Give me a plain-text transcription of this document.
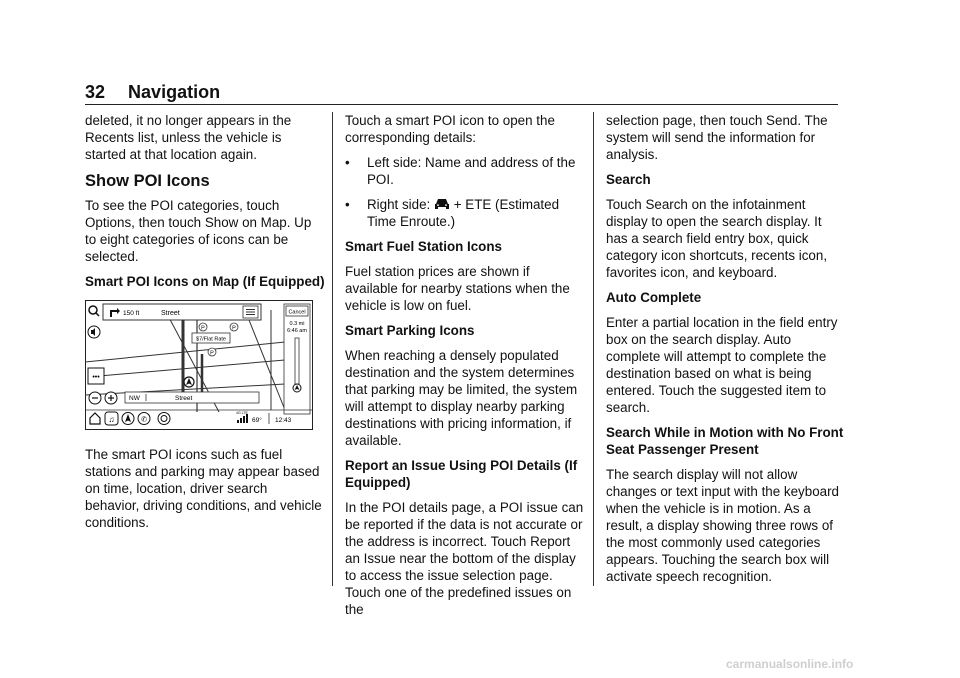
32 Navigation

deleted, it no longer appears in the Recents list, unless the vehicle is started at that location again.

Show POI Icons

To see the POI categories, touch Options, then touch Show on Map. Up to eight categories of icons can be selected.

Smart POI Icons on Map (If Equipped)

150 ft	Street	Cancel
0.3 mi
6:46 am
P	P
$7/Flat Rate
P
•••
NW	Street
♫	✆
4G LTE
69° 12:43

The smart POI icons such as fuel stations and parking may appear based on time, location, driver search behavior, driving conditions, and vehicle conditions.

Touch a smart POI icon to open the corresponding details:

•	Left side: Name and address of the POI.
•	Right side:  + ETE (Estimated Time Enroute.)

Smart Fuel Station Icons

Fuel station prices are shown if available for nearby stations when the vehicle is low on fuel.

Smart Parking Icons

When reaching a densely populated destination and the system determines that parking may be limited, the system will attempt to display nearby parking destinations with pricing information, if available.

Report an Issue Using POI Details (If Equipped)

In the POI details page, a POI issue can be reported if the data is not accurate or the address is incorrect. Touch Report an Issue near the bottom of the display to access the issue selection page. Touch one of the predefined issues on the

selection page, then touch Send. The system will send the information for analysis.

Search

Touch Search on the infotainment display to open the search display. It has a search field entry box, quick category icon shortcuts, recents icon, favorites icon, and keyboard.

Auto Complete

Enter a partial location in the field entry box on the search display. Auto complete will attempt to complete the destination based on what is being entered. Touch the suggested item to search.

Search While in Motion with No Front Seat Passenger Present

The search display will not allow changes or text input with the keyboard when the vehicle is in motion. As a result, a display showing three rows of the most commonly used categories appears. Touching the search box will activate speech recognition.

carmanualsonline.info
